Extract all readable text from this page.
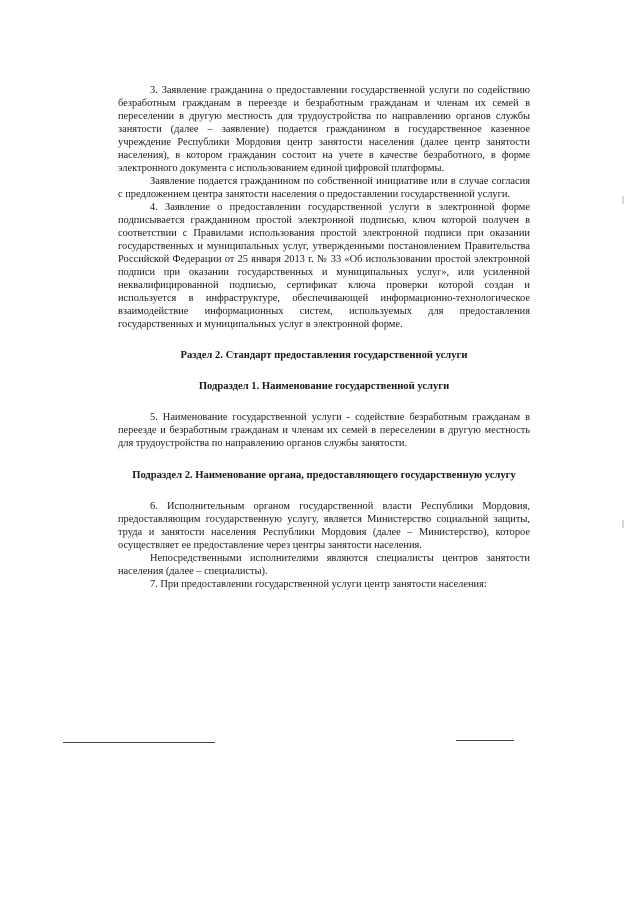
3. Заявление гражданина о предоставлении государственной услуги по содействию безработным гражданам в переезде и безработным гражданам и членам их семей в переселении в другую местность для трудоустройства по направлению органов службы занятости (далее – заявление) подается гражданином в государственное казенное учреждение Республики Мордовия центр занятости населения (далее центр занятости населения), в котором гражданин состоит на учете в качестве безработного, в форме электронного документа с использованием единой цифровой платформы.

Заявление подается гражданином по собственной инициативе или в случае согласия с предложением центра занятости населения о предоставлении государственной услуги.

4. Заявление о предоставлении государственной услуги в электронной форме подписывается гражданином простой электронной подписью, ключ которой получен в соответствии с Правилами использования простой электронной подписи при оказании государственных и муниципальных услуг, утвержденными постановлением Правительства Российской Федерации от 25 января 2013 г. № 33 «Об использовании простой электронной подписи при оказании государственных и муниципальных услуг», или усиленной неквалифицированной подписью, сертификат ключа проверки которой создан и используется в инфраструктуре, обеспечивающей информационно-технологическое взаимодействие информационных систем, используемых для предоставления государственных и муниципальных услуг в электронной форме.

Раздел 2. Стандарт предоставления государственной услуги

Подраздел 1. Наименование государственной услуги

5. Наименование государственной услуги - содействие безработным гражданам в переезде и безработным гражданам и членам их семей в переселении в другую местность для трудоустройства по направлению органов службы занятости.

Подраздел 2. Наименование органа, предоставляющего государственную услугу

6. Исполнительным органом государственной власти Республики Мордовия, предоставляющим государственную услугу, является Министерство социальной защиты, труда и занятости населения Республики Мордовия (далее – Министерство), которое осуществляет ее предоставление через центры занятости населения.

Непосредственными исполнителями являются специалисты центров занятости населения (далее – специалисты).

7. При предоставлении государственной услуги центр занятости населения:
